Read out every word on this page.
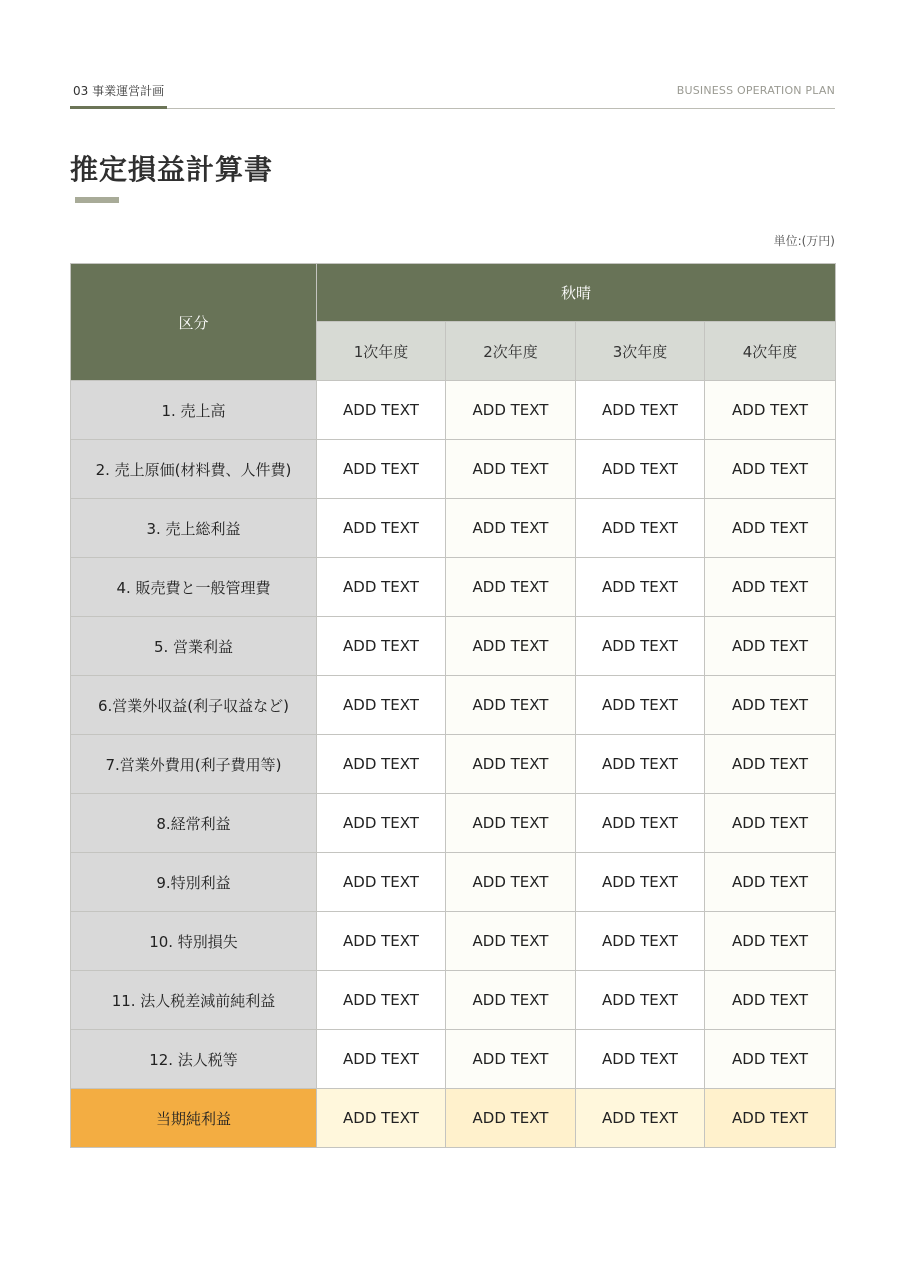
03 事業運営計画	BUSINESS OPERATION PLAN
推定損益計算書
単位:(万円)
区分	秋晴			
	1次年度	2次年度	3次年度	4次年度
1. 売上高	ADD TEXT	ADD TEXT	ADD TEXT	ADD TEXT
2. 売上原価(材料費、人件費)	ADD TEXT	ADD TEXT	ADD TEXT	ADD TEXT
3. 売上総利益	ADD TEXT	ADD TEXT	ADD TEXT	ADD TEXT
4. 販売費と一般管理費	ADD TEXT	ADD TEXT	ADD TEXT	ADD TEXT
5. 営業利益	ADD TEXT	ADD TEXT	ADD TEXT	ADD TEXT
6.営業外収益(利子収益など)	ADD TEXT	ADD TEXT	ADD TEXT	ADD TEXT
7.営業外費用(利子費用等)	ADD TEXT	ADD TEXT	ADD TEXT	ADD TEXT
8.経常利益	ADD TEXT	ADD TEXT	ADD TEXT	ADD TEXT
9.特別利益	ADD TEXT	ADD TEXT	ADD TEXT	ADD TEXT
10. 特別損失	ADD TEXT	ADD TEXT	ADD TEXT	ADD TEXT
11. 法人税差減前純利益	ADD TEXT	ADD TEXT	ADD TEXT	ADD TEXT
12. 法人税等	ADD TEXT	ADD TEXT	ADD TEXT	ADD TEXT
当期純利益	ADD TEXT	ADD TEXT	ADD TEXT	ADD TEXT
